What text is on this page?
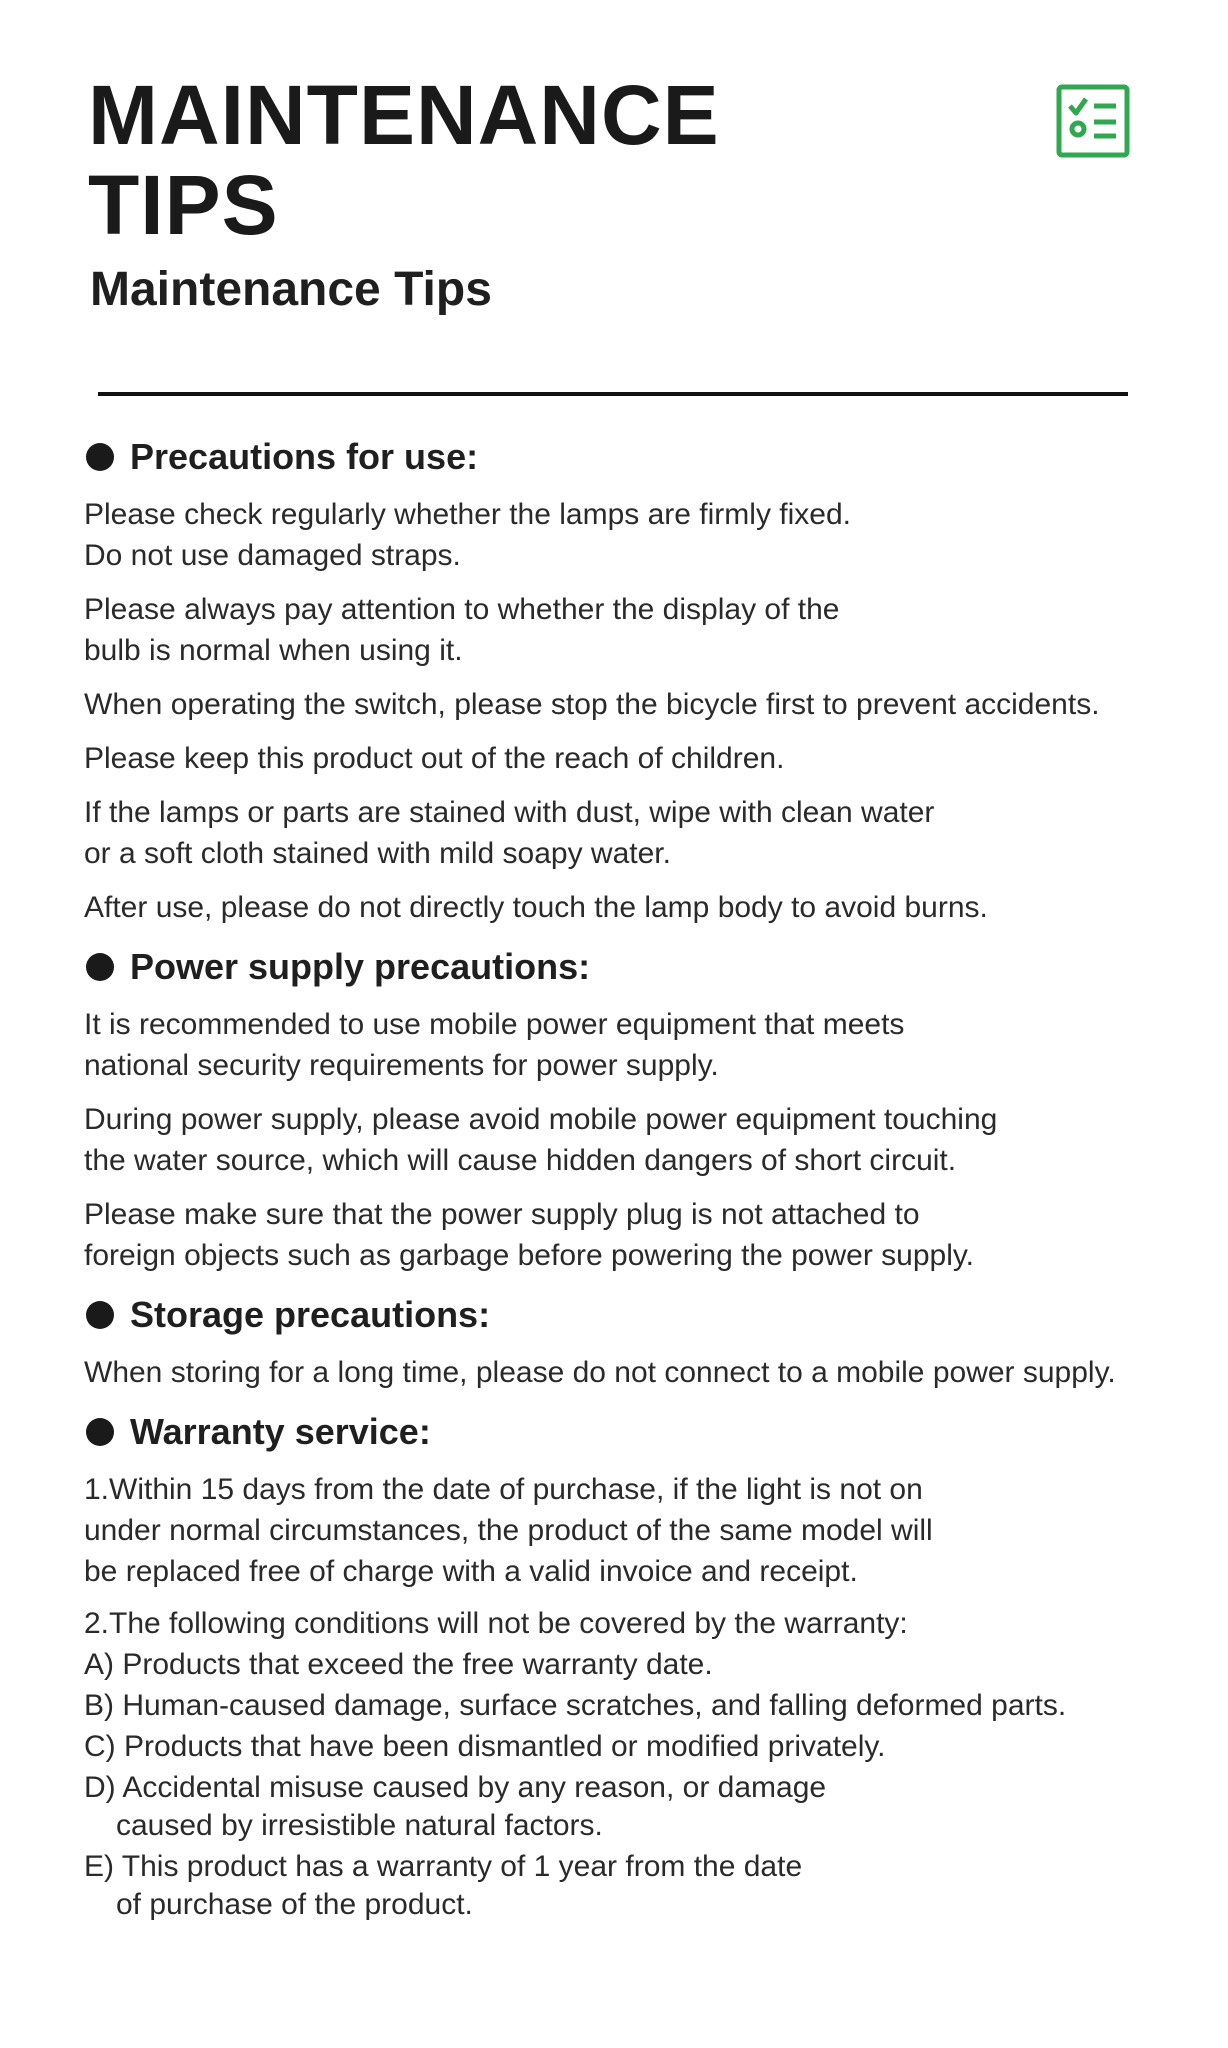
MAINTENANCE
TIPS
Maintenance Tips
Precautions for use:

Please check regularly whether the lamps are firmly fixed.
Do not use damaged straps.

Please always pay attention to whether the display of the
bulb is normal when using it.

When operating the switch, please stop the bicycle first to prevent accidents.

Please keep this product out of the reach of children.

If the lamps or parts are stained with dust, wipe with clean water
or a soft cloth stained with mild soapy water.

After use, please do not directly touch the lamp body to avoid burns.

Power supply precautions:

It is recommended to use mobile power equipment that meets
national security requirements for power supply.

During power supply, please avoid mobile power equipment touching
the water source, which will cause hidden dangers of short circuit.

Please make sure that the power supply plug is not attached to
foreign objects such as garbage before powering the power supply.

Storage precautions:

When storing for a long time, please do not connect to a mobile power supply.

Warranty service:

1.Within 15 days from the date of purchase, if the light is not on
under normal circumstances, the product of the same model will
be replaced free of charge with a valid invoice and receipt.

2.The following conditions will not be covered by the warranty:

A) Products that exceed the free warranty date.

B) Human-caused damage, surface scratches, and falling deformed parts.

C) Products that have been dismantled or modified privately.

D) Accidental misuse caused by any reason, or damage
caused by irresistible natural factors.

E) This product has a warranty of 1 year from the date
of purchase of the product.
